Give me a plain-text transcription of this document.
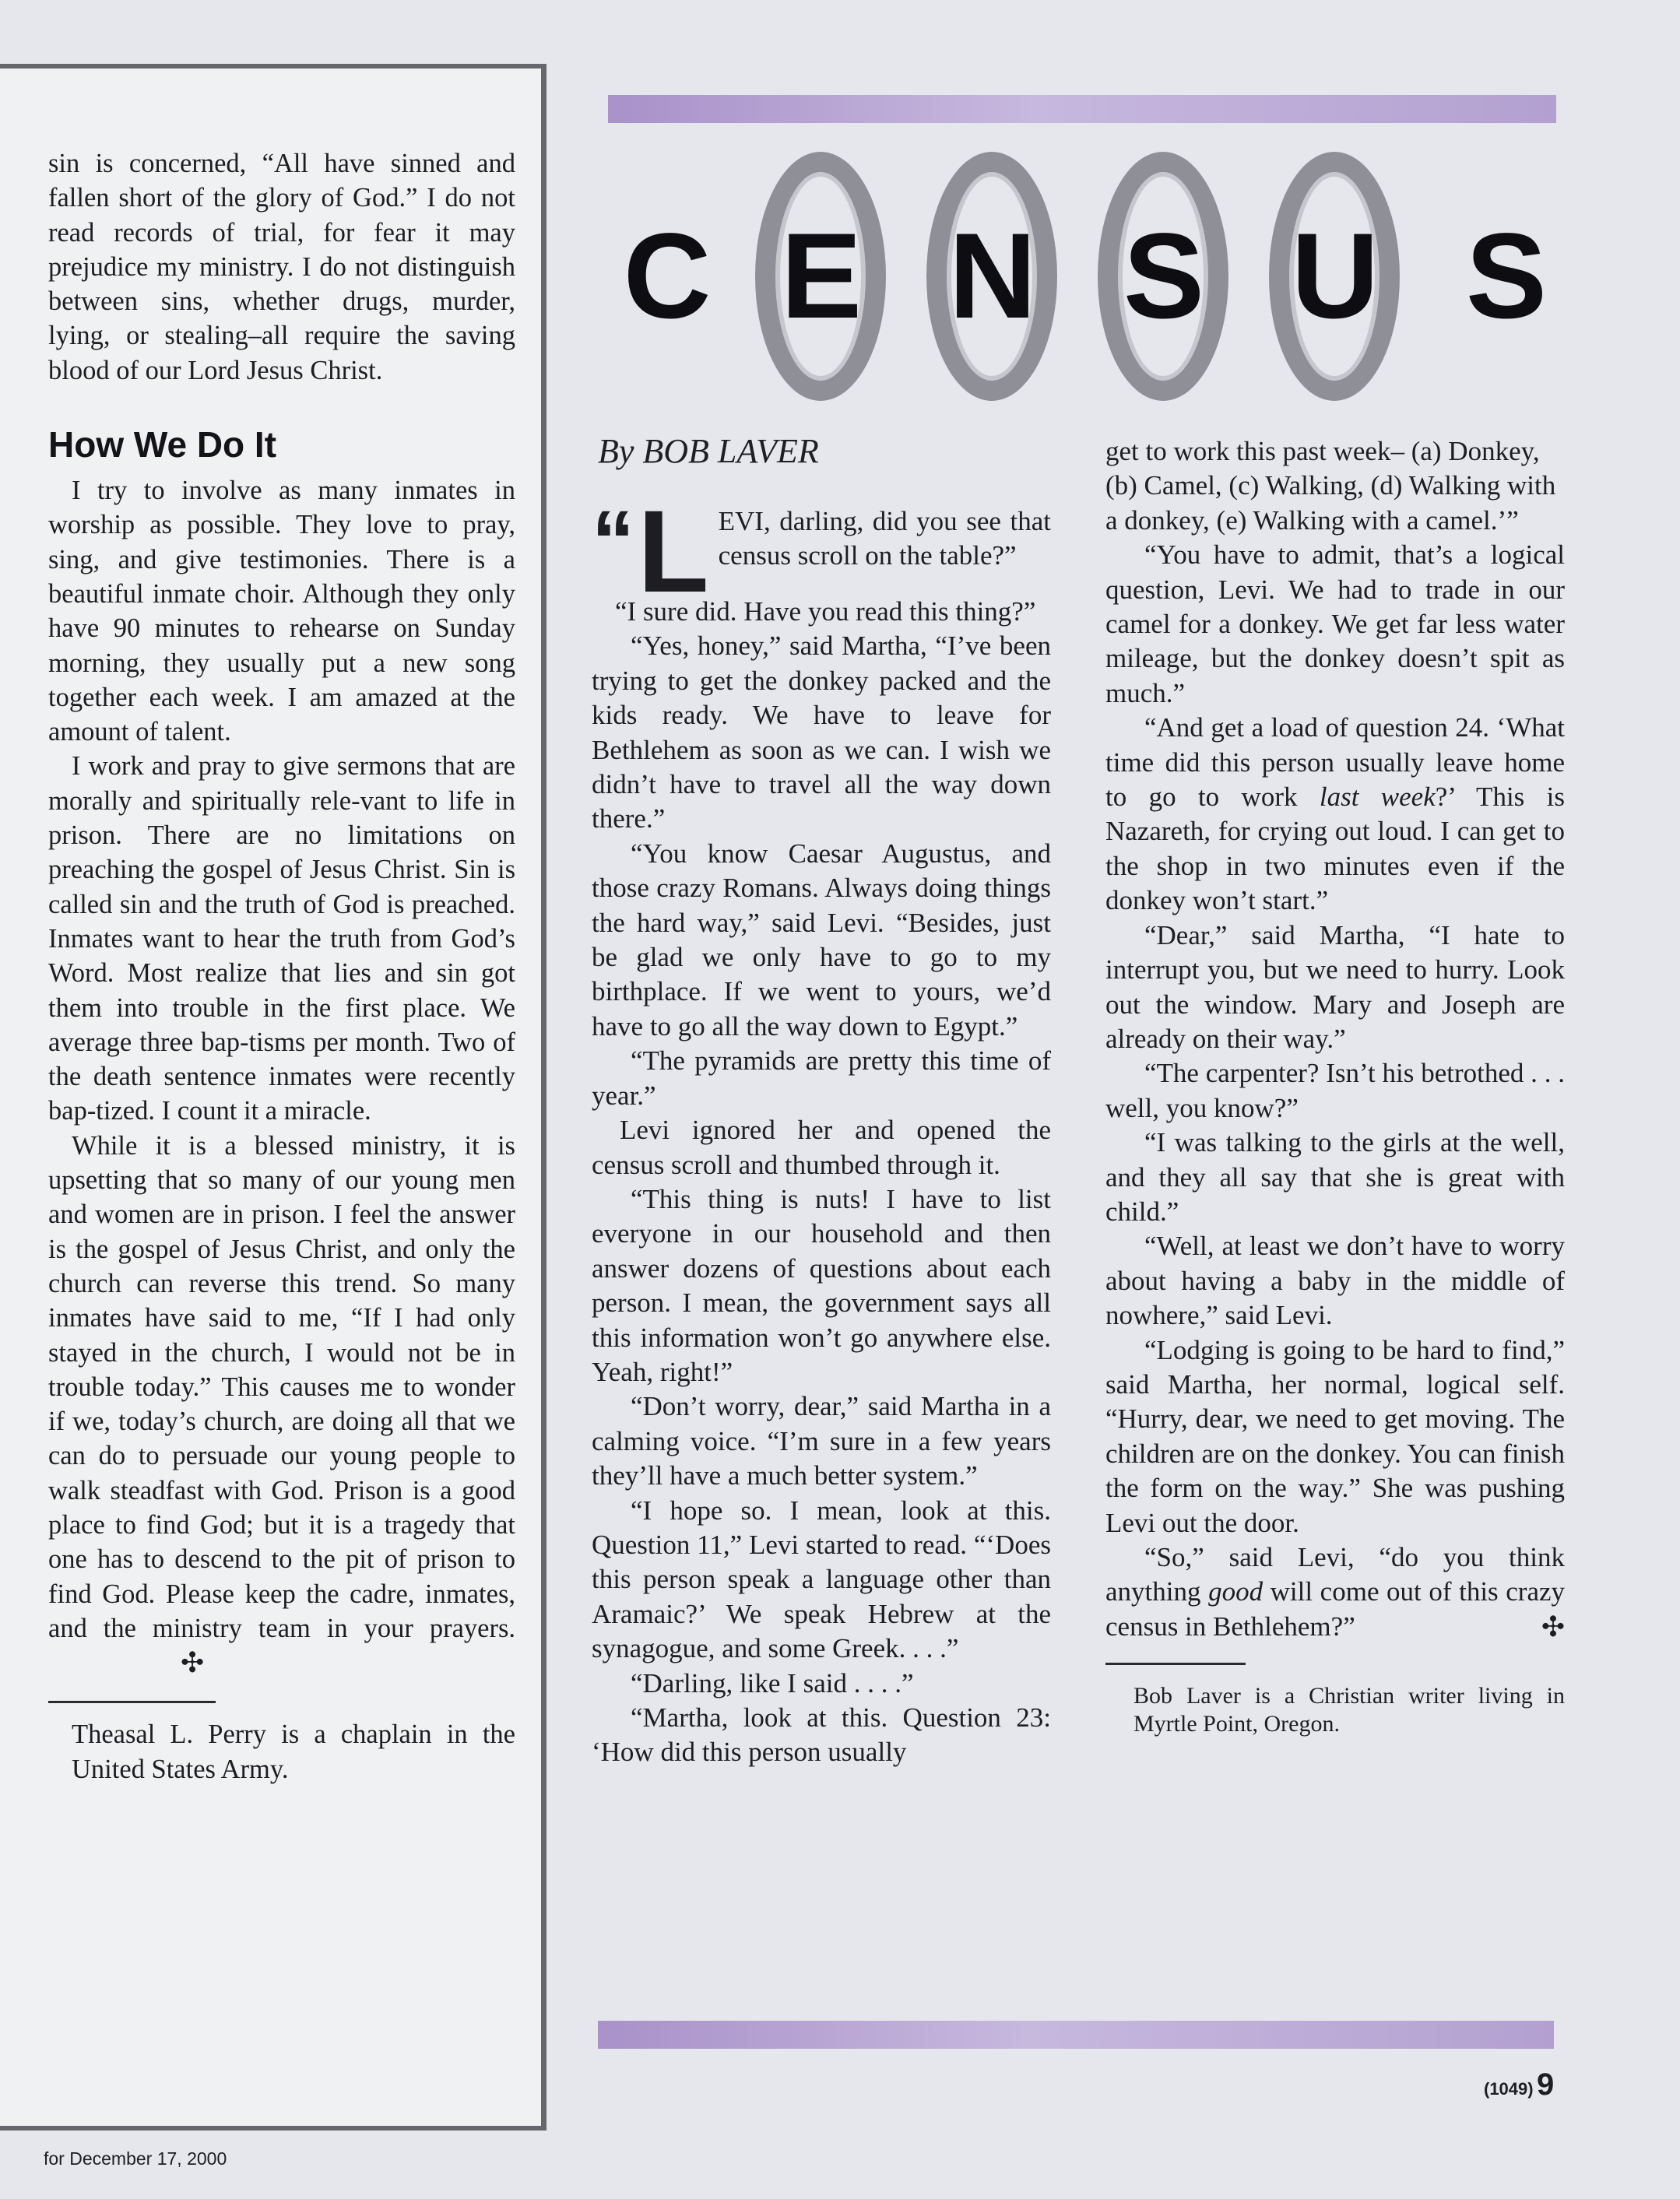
sin is concerned, “All have sinned and fallen short of the glory of God.” I do not read records of trial, for fear it may prejudice my ministry. I do not distinguish between sins, whether drugs, murder, lying, or stealing–all require the saving blood of our Lord Jesus Christ.

How We Do It

I try to involve as many inmates in worship as possible. They love to pray, sing, and give testimonies. There is a beautiful inmate choir. Although they only have 90 minutes to rehearse on Sunday morning, they usually put a new song together each week. I am amazed at the amount of talent.

I work and pray to give sermons that are morally and spiritually rele-vant to life in prison. There are no limitations on preaching the gospel of Jesus Christ. Sin is called sin and the truth of God is preached. Inmates want to hear the truth from God’s Word. Most realize that lies and sin got them into trouble in the first place. We average three bap-tisms per month. Two of the death sentence inmates were recently bap-tized. I count it a miracle.

While it is a blessed ministry, it is upsetting that so many of our young men and women are in prison. I feel the answer is the gospel of Jesus Christ, and only the church can reverse this trend. So many inmates have said to me, “If I had only stayed in the church, I would not be in trouble today.” This causes me to wonder if we, today’s church, are doing all that we can do to persuade our young people to walk steadfast with God. Prison is a good place to find God; but it is a tragedy that one has to descend to the pit of prison to find God. Please keep the cadre, inmates, and the ministry team in your prayers. ✣

Theasal L. Perry is a chaplain in the United States Army.

for December 17, 2000
C E N S U S
By BOB LAVER

“ L EVI, darling, did you see that census scroll on the table?”

“I sure did. Have you read this thing?”

“Yes, honey,” said Martha, “I’ve been trying to get the donkey packed and the kids ready. We have to leave for Bethlehem as soon as we can. I wish we didn’t have to travel all the way down there.”

“You know Caesar Augustus, and those crazy Romans. Always doing things the hard way,” said Levi. “Besides, just be glad we only have to go to my birthplace. If we went to yours, we’d have to go all the way down to Egypt.”

“The pyramids are pretty this time of year.”

Levi ignored her and opened the census scroll and thumbed through it.

“This thing is nuts! I have to list everyone in our household and then answer dozens of questions about each person. I mean, the government says all this information won’t go anywhere else. Yeah, right!”

“Don’t worry, dear,” said Martha in a calming voice. “I’m sure in a few years they’ll have a much better system.”

“I hope so. I mean, look at this. Question 11,” Levi started to read. “‘Does this person speak a language other than Aramaic?’ We speak Hebrew at the synagogue, and some Greek. . . .”

“Darling, like I said . . . .”

“Martha, look at this. Question 23: ‘How did this person usually

get to work this past week– (a) Donkey, (b) Camel, (c) Walking, (d) Walking with a donkey, (e) Walking with a camel.’”

“You have to admit, that’s a logical question, Levi. We had to trade in our camel for a donkey. We get far less water mileage, but the donkey doesn’t spit as much.”

“And get a load of question 24. ‘What time did this person usually leave home to go to work last week?’ This is Nazareth, for crying out loud. I can get to the shop in two minutes even if the donkey won’t start.”

“Dear,” said Martha, “I hate to interrupt you, but we need to hurry. Look out the window. Mary and Joseph are already on their way.”

“The carpenter? Isn’t his betrothed . . . well, you know?”

“I was talking to the girls at the well, and they all say that she is great with child.”

“Well, at least we don’t have to worry about having a baby in the middle of nowhere,” said Levi.

“Lodging is going to be hard to find,” said Martha, her normal, logical self. “Hurry, dear, we need to get moving. The children are on the donkey. You can finish the form on the way.” She was pushing Levi out the door.

“So,” said Levi, “do you think anything good will come out of this crazy census in Bethlehem?”	✣

Bob Laver is a Christian writer living in Myrtle Point, Oregon.

(1049) 9
